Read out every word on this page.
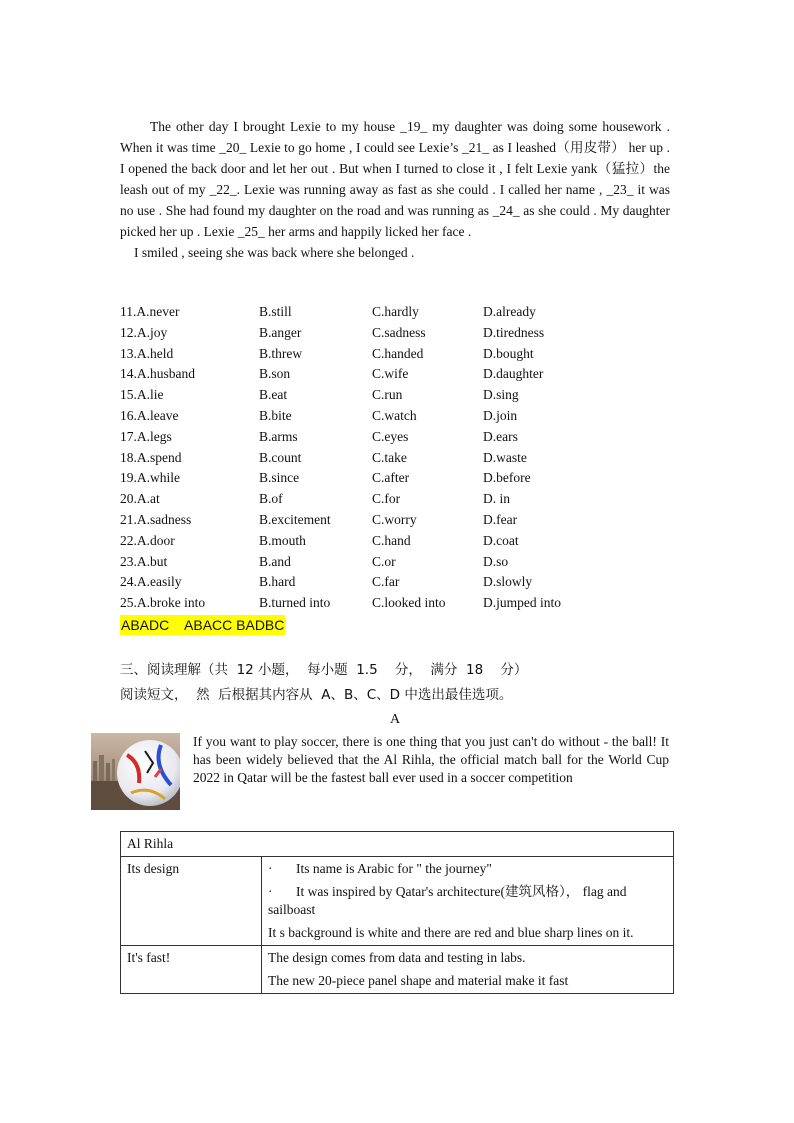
The other day I brought Lexie to my house _19_ my daughter was doing some housework . When it was time _20_ Lexie to go home , I could see Lexie’s _21_ as I leashed（用皮带） her up . I opened the back door and let her out . But when I turned to close it , I felt Lexie yank（猛拉）the leash out of my _22_. Lexie was running away as fast as she could . I called her name , _23_ it was no use . She had found my daughter on the road and was running as _24_ as she could . My daughter picked her up . Lexie _25_ her arms and happily licked her face .

I smiled , seeing she was back where she belonged .

11.A.never	B.still	C.hardly	D.already
12.A.joy	B.anger	C.sadness	D.tiredness
13.A.held	B.threw	C.handed	D.bought
14.A.husband	B.son	C.wife	D.daughter
15.A.lie	B.eat	C.run	D.sing
16.A.leave	B.bite	C.watch	D.join
17.A.legs	B.arms	C.eyes	D.ears
18.A.spend	B.count	C.take	D.waste
19.A.while	B.since	C.after	D.before
20.A.at	B.of	C.for	D. in
21.A.sadness	B.excitement	C.worry	D.fear
22.A.door	B.mouth	C.hand	D.coat
23.A.but	B.and	C.or	D.so
24.A.easily	B.hard	C.far	D.slowly
25.A.broke into	B.turned into	C.looked into	D.jumped into
ABADC    ABACC BADBC
三、阅读理解（共  12 小题，  每小题  1.5    分，  满分  18    分）
阅读短文，  然  后根据其内容从  A、B、C、D 中选出最佳选项。
A
If you want to play soccer, there is one thing that you just can't do without - the ball! It has been widely believed that the Al Rihla, the official match ball for the World Cup 2022 in Qatar will be the fastest ball ever used in a soccer competition
Al Rihla	
Its design	· Its name is Arabic for " the journey"
· It was inspired by Qatar's architecture(建筑风格）， flag and sailboast
It s background is white and there are red and blue sharp lines on it.

It's fast!	The design comes from data and testing in labs.
The new 20-piece panel shape and material make it fast
